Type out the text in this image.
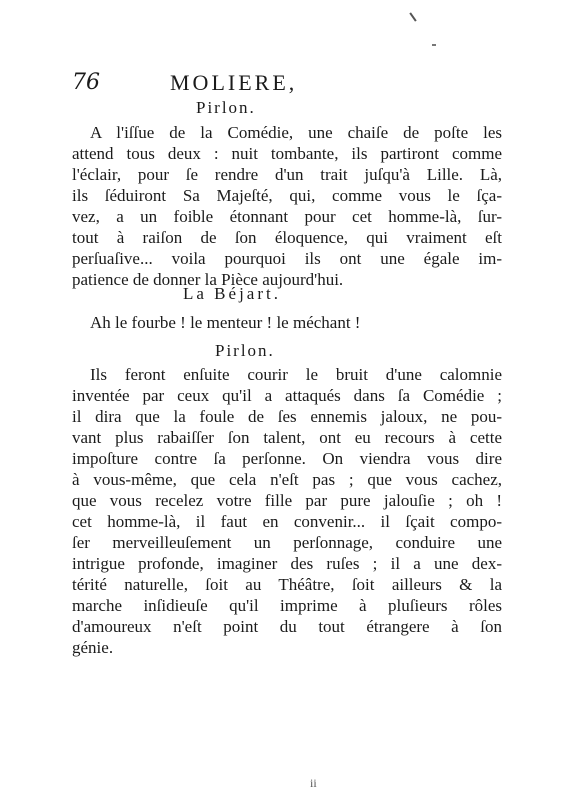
76	MOLIERE,
Pirlon.
A l'iſſue de la Comédie, une chaiſe de poſte les
attend tous deux : nuit tombante, ils partiront comme
l'éclair, pour ſe rendre d'un trait juſqu'à Lille. Là,
ils ſéduiront Sa Majeſté, qui, comme vous le ſça-
vez, a un foible étonnant pour cet homme-là, ſur-
tout à raiſon de ſon éloquence, qui vraiment eſt
perſuaſive... voila pourquoi ils ont une égale im-
patience de donner la Pièce aujourd'hui.
La Béjart.
Ah le fourbe ! le menteur ! le méchant !
Pirlon.
Ils feront enſuite courir le bruit d'une calomnie
inventée par ceux qu'il a attaqués dans ſa Comédie ;
il dira que la foule de ſes ennemis jaloux, ne pou-
vant plus rabaiſſer ſon talent, ont eu recours à cette
impoſture contre ſa perſonne. On viendra vous dire
à vous-même, que cela n'eſt pas ; que vous cachez,
que vous recelez votre fille par pure jalouſie ; oh !
cet homme-là, il faut en convenir... il ſçait compo-
ſer merveilleuſement un perſonnage, conduire une
intrigue profonde, imaginer des ruſes ; il a une dex-
térité naturelle, ſoit au Théâtre, ſoit ailleurs & la
marche inſidieuſe qu'il imprime à pluſieurs rôles
d'amoureux n'eſt point du tout étrangere à ſon
génie.
ii
